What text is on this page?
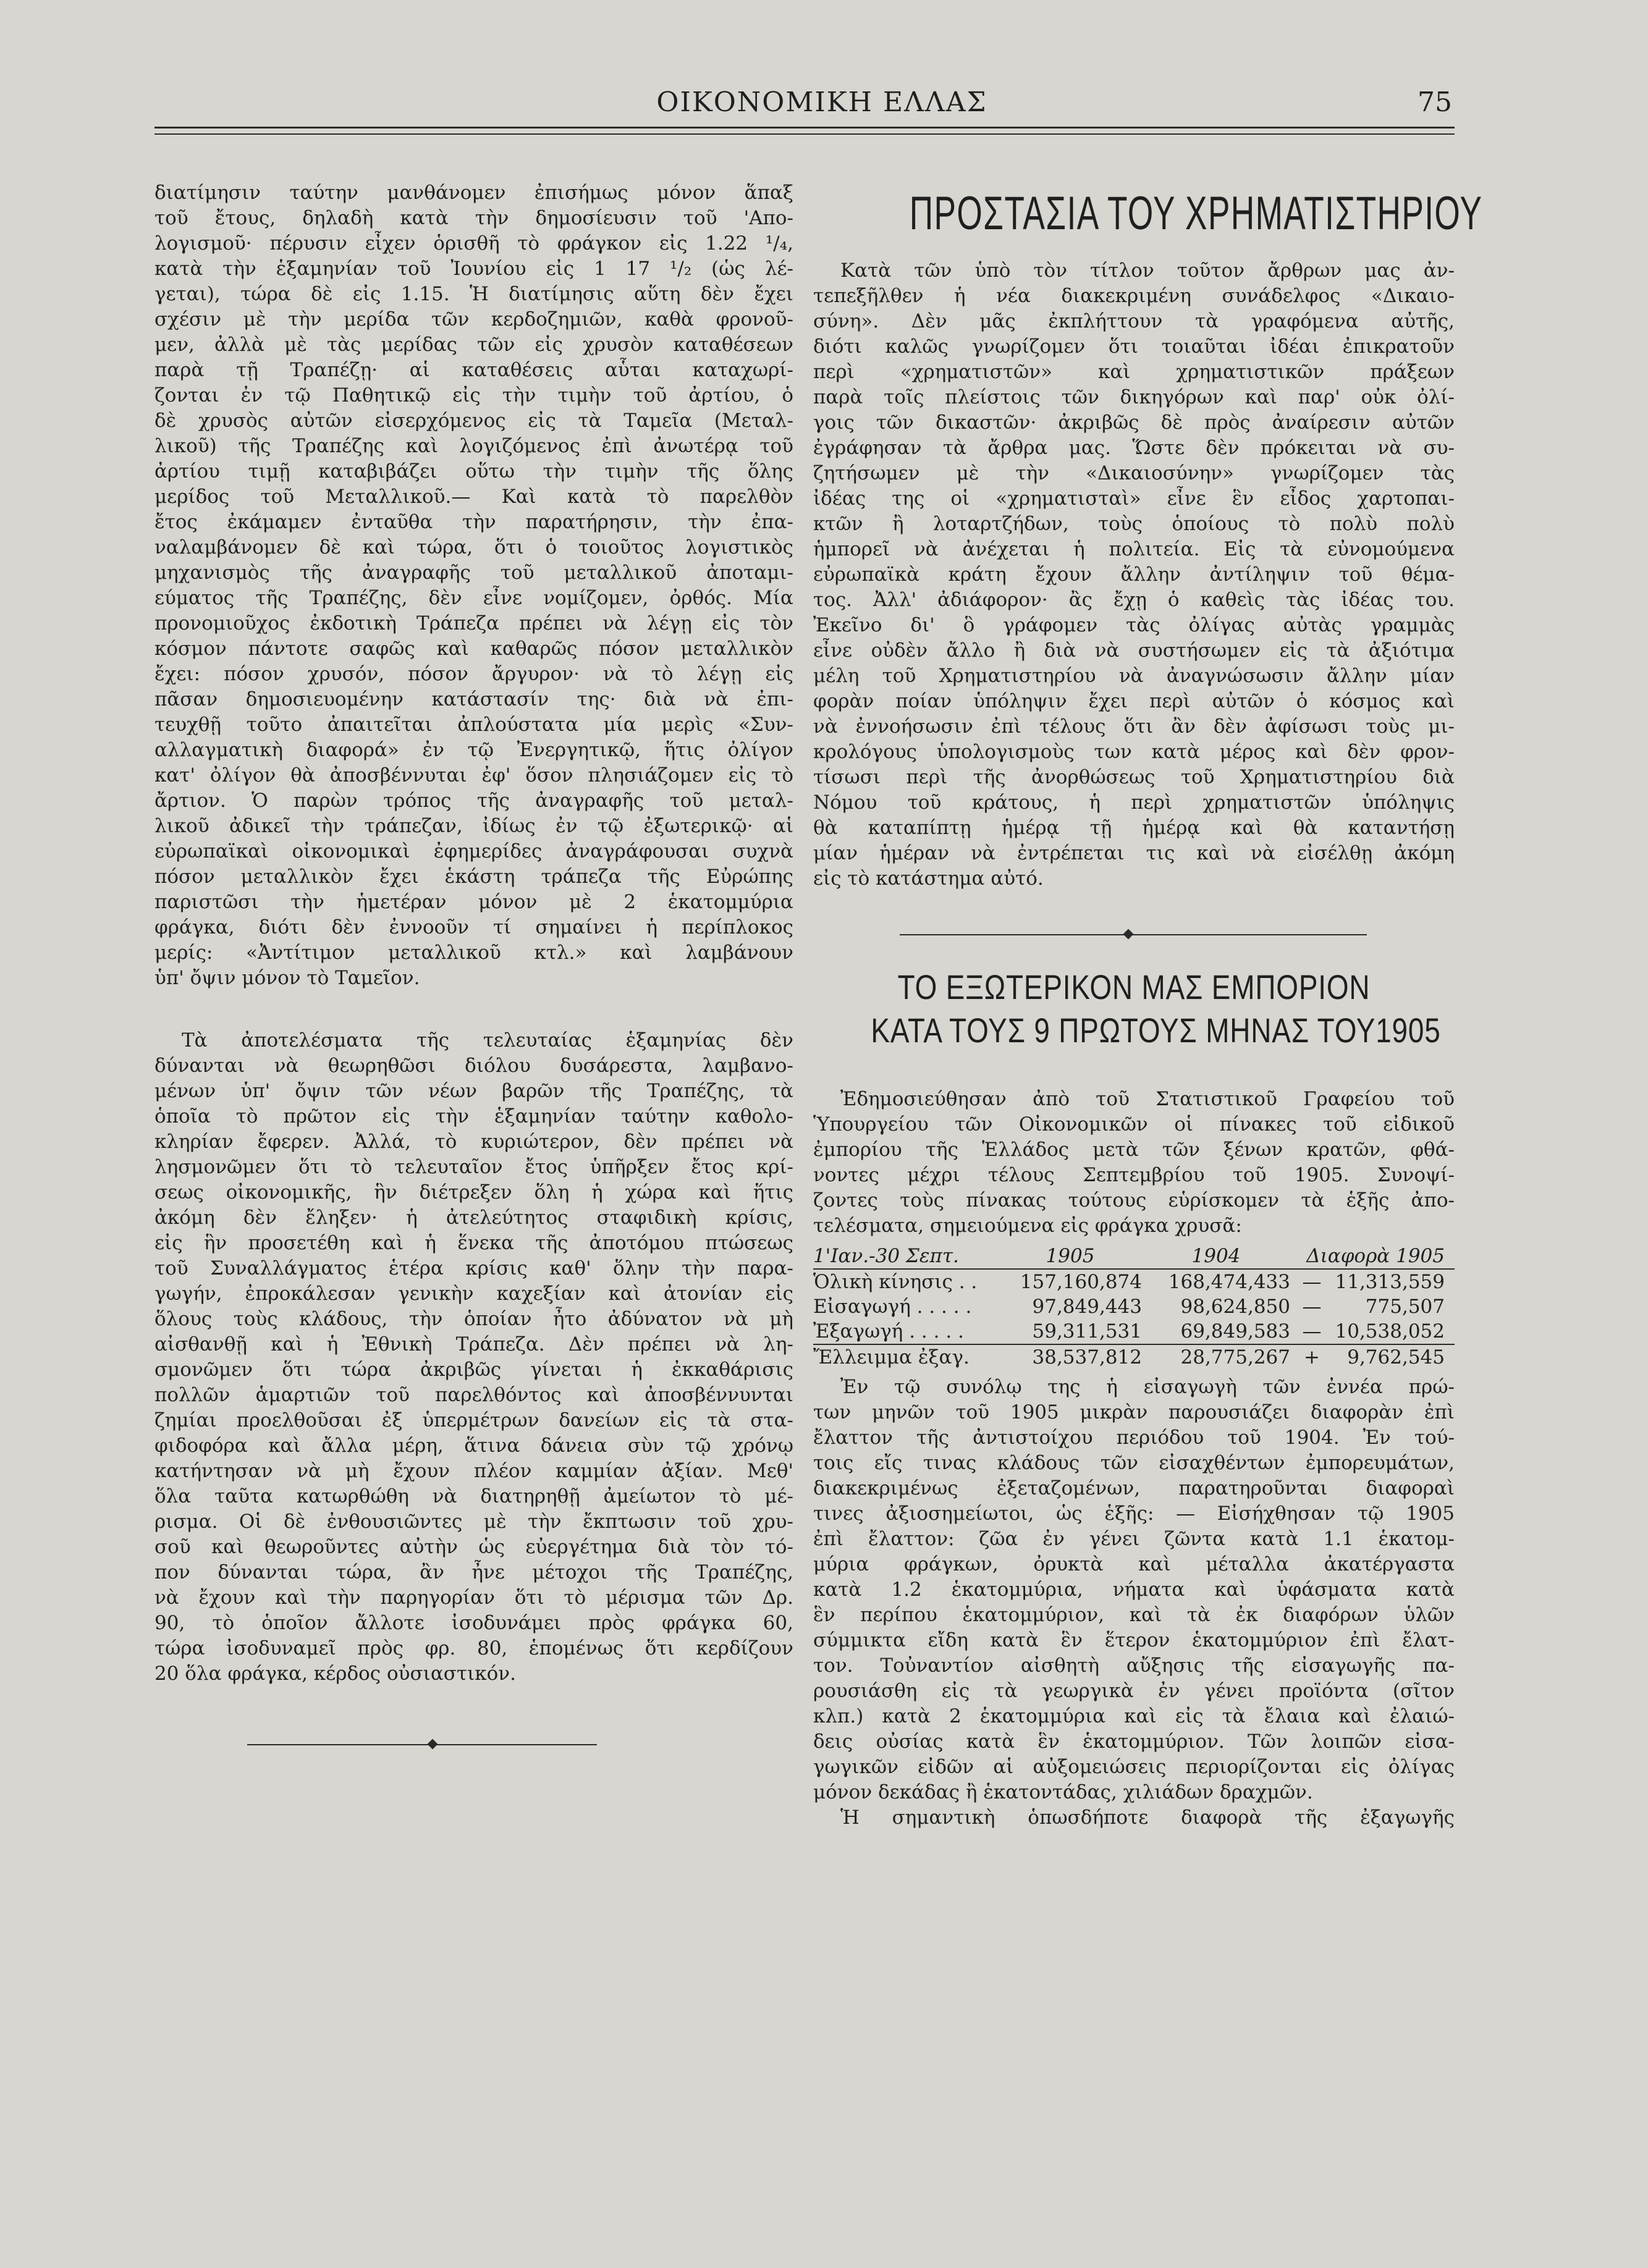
ΟΙΚΟΝΟΜΙΚΗ ΕΛΛΑΣ	75
διατίμησιν ταύτην μανθάνομεν ἐπισήμως μόνον ἅπαξ
τοῦ ἔτους, δηλαδὴ κατὰ τὴν δημοσίευσιν τοῦ 'Απο-
λογισμοῦ· πέρυσιν εἶχεν ὁρισθῆ τὸ φράγκον εἰς 1.22 ¹/₄,
κατὰ τὴν ἑξαμηνίαν τοῦ Ἰουνίου εἰς 1 17 ¹/₂ (ὡς λέ-
γεται), τώρα δὲ εἰς 1.15. Ἡ διατίμησις αὕτη δὲν ἔχει
σχέσιν μὲ τὴν μερίδα τῶν κερδοζημιῶν, καθὰ φρονοῦ-
μεν, ἀλλὰ μὲ τὰς μερίδας τῶν εἰς χρυσὸν καταθέσεων
παρὰ τῇ Τραπέζῃ· αἱ καταθέσεις αὗται καταχωρί-
ζονται ἐν τῷ Παθητικῷ εἰς τὴν τιμὴν τοῦ ἀρτίου, ὁ
δὲ χρυσὸς αὐτῶν εἰσερχόμενος εἰς τὰ Ταμεῖα (Μεταλ-
λικοῦ) τῆς Τραπέζης καὶ λογιζόμενος ἐπὶ ἀνωτέρᾳ τοῦ
ἀρτίου τιμῇ καταβιβάζει οὕτω τὴν τιμὴν τῆς ὅλης
μερίδος τοῦ Μεταλλικοῦ.— Καὶ κατὰ τὸ παρελθὸν
ἔτος ἐκάμαμεν ἐνταῦθα τὴν παρατήρησιν, τὴν ἐπα-
ναλαμβάνομεν δὲ καὶ τώρα, ὅτι ὁ τοιοῦτος λογιστικὸς
μηχανισμὸς τῆς ἀναγραφῆς τοῦ μεταλλικοῦ ἀποταμι-
εύματος τῆς Τραπέζης, δὲν εἶνε νομίζομεν, ὀρθός. Μία
προνομιοῦχος ἐκδοτικὴ Τράπεζα πρέπει νὰ λέγῃ εἰς τὸν
κόσμον πάντοτε σαφῶς καὶ καθαρῶς πόσον μεταλλικὸν
ἔχει: πόσον χρυσόν, πόσον ἄργυρον· νὰ τὸ λέγῃ εἰς
πᾶσαν δημοσιευομένην κατάστασίν της· διὰ νὰ ἐπι-
τευχθῇ τοῦτο ἀπαιτεῖται ἀπλούστατα μία μερὶς «Συν-
αλλαγματικὴ διαφορά» ἐν τῷ Ἐνεργητικῷ, ἥτις ὀλίγον
κατ' ὀλίγον θὰ ἀποσβέννυται ἐφ' ὅσον πλησιάζομεν εἰς τὸ
ἄρτιον. Ὁ παρὼν τρόπος τῆς ἀναγραφῆς τοῦ μεταλ-
λικοῦ ἀδικεῖ τὴν τράπεζαν, ἰδίως ἐν τῷ ἐξωτερικῷ· αἱ
εὐρωπαϊκαὶ οἰκονομικαὶ ἐφημερίδες ἀναγράφουσαι συχνὰ
πόσον μεταλλικὸν ἔχει ἑκάστη τράπεζα τῆς Εὐρώπης
παριστῶσι τὴν ἡμετέραν μόνον μὲ 2 ἑκατομμύρια
φράγκα, διότι δὲν ἐννοοῦν τί σημαίνει ἡ περίπλοκος
μερίς: «Ἀντίτιμον μεταλλικοῦ κτλ.» καὶ λαμβάνουν
ὑπ' ὄψιν μόνον τὸ Ταμεῖον.
Τὰ ἀποτελέσματα τῆς τελευταίας ἑξαμηνίας δὲν
δύνανται νὰ θεωρηθῶσι διόλου δυσάρεστα, λαμβανο-
μένων ὑπ' ὄψιν τῶν νέων βαρῶν τῆς Τραπέζης, τὰ
ὁποῖα τὸ πρῶτον εἰς τὴν ἑξαμηνίαν ταύτην καθολο-
κληρίαν ἔφερεν. Ἀλλά, τὸ κυριώτερον, δὲν πρέπει νὰ
λησμονῶμεν ὅτι τὸ τελευταῖον ἔτος ὑπῆρξεν ἔτος κρί-
σεως οἰκονομικῆς, ἣν διέτρεξεν ὅλη ἡ χώρα καὶ ἥτις
ἀκόμη δὲν ἔληξεν· ἡ ἀτελεύτητος σταφιδικὴ κρίσις,
εἰς ἣν προσετέθη καὶ ἡ ἕνεκα τῆς ἀποτόμου πτώσεως
τοῦ Συναλλάγματος ἑτέρα κρίσις καθ' ὅλην τὴν παρα-
γωγήν, ἐπροκάλεσαν γενικὴν καχεξίαν καὶ ἀτονίαν εἰς
ὅλους τοὺς κλάδους, τὴν ὁποίαν ἦτο ἀδύνατον νὰ μὴ
αἰσθανθῇ καὶ ἡ Ἐθνικὴ Τράπεζα. Δὲν πρέπει νὰ λη-
σμονῶμεν ὅτι τώρα ἀκριβῶς γίνεται ἡ ἐκκαθάρισις
πολλῶν ἁμαρτιῶν τοῦ παρελθόντος καὶ ἀποσβέννυνται
ζημίαι προελθοῦσαι ἐξ ὑπερμέτρων δανείων εἰς τὰ στα-
φιδοφόρα καὶ ἄλλα μέρη, ἅτινα δάνεια σὺν τῷ χρόνῳ
κατήντησαν νὰ μὴ ἔχουν πλέον καμμίαν ἀξίαν. Μεθ'
ὅλα ταῦτα κατωρθώθη νὰ διατηρηθῇ ἀμείωτον τὸ μέ-
ρισμα. Οἱ δὲ ἐνθουσιῶντες μὲ τὴν ἔκπτωσιν τοῦ χρυ-
σοῦ καὶ θεωροῦντες αὐτὴν ὡς εὐεργέτημα διὰ τὸν τό-
πον δύνανται τώρα, ἂν ἦνε μέτοχοι τῆς Τραπέζης,
νὰ ἔχουν καὶ τὴν παρηγορίαν ὅτι τὸ μέρισμα τῶν Δρ.
90, τὸ ὁποῖον ἄλλοτε ἰσοδυνάμει πρὸς φράγκα 60,
τώρα ἰσοδυναμεῖ πρὸς φρ. 80, ἑπομένως ὅτι κερδίζουν
20 ὅλα φράγκα, κέρδος οὐσιαστικόν.
ΠΡΟΣΤΑΣΙΑ ΤΟΥ ΧΡΗΜΑΤΙΣΤΗΡΙΟΥ
Κατὰ τῶν ὑπὸ τὸν τίτλον τοῦτον ἄρθρων μας ἀν-
τεπεξῆλθεν ἡ νέα διακεκριμένη συνάδελφος «Δικαιο-
σύνη». Δὲν μᾶς ἐκπλήττουν τὰ γραφόμενα αὐτῆς,
διότι καλῶς γνωρίζομεν ὅτι τοιαῦται ἰδέαι ἐπικρατοῦν
περὶ «χρηματιστῶν» καὶ χρηματιστικῶν πράξεων
παρὰ τοῖς πλείστοις τῶν δικηγόρων καὶ παρ' οὐκ ὀλί-
γοις τῶν δικαστῶν· ἀκριβῶς δὲ πρὸς ἀναίρεσιν αὐτῶν
ἐγράφησαν τὰ ἄρθρα μας. Ὥστε δὲν πρόκειται νὰ συ-
ζητήσωμεν μὲ τὴν «Δικαιοσύνην» γνωρίζομεν τὰς
ἰδέας της οἱ «χρηματισταὶ» εἶνε ἓν εἶδος χαρτοπαι-
κτῶν ἢ λοταρτζήδων, τοὺς ὁποίους τὸ πολὺ πολὺ
ἡμπορεῖ νὰ ἀνέχεται ἡ πολιτεία. Εἰς τὰ εὐνομούμενα
εὐρωπαϊκὰ κράτη ἔχουν ἄλλην ἀντίληψιν τοῦ θέμα-
τος. Ἀλλ' ἀδιάφορον· ἂς ἔχῃ ὁ καθεὶς τὰς ἰδέας του.
Ἐκεῖνο δι' ὃ γράφομεν τὰς ὀλίγας αὐτὰς γραμμὰς
εἶνε οὐδὲν ἄλλο ἢ διὰ νὰ συστήσωμεν εἰς τὰ ἀξιότιμα
μέλη τοῦ Χρηματιστηρίου νὰ ἀναγνώσωσιν ἄλλην μίαν
φορὰν ποίαν ὑπόληψιν ἔχει περὶ αὐτῶν ὁ κόσμος καὶ
νὰ ἐννοήσωσιν ἐπὶ τέλους ὅτι ἂν δὲν ἀφίσωσι τοὺς μι-
κρολόγους ὑπολογισμοὺς των κατὰ μέρος καὶ δὲν φρον-
τίσωσι περὶ τῆς ἀνορθώσεως τοῦ Χρηματιστηρίου διὰ
Νόμου τοῦ κράτους, ἡ περὶ χρηματιστῶν ὑπόληψις
θὰ καταπίπτῃ ἡμέρᾳ τῇ ἡμέρᾳ καὶ θὰ καταντήσῃ
μίαν ἡμέραν νὰ ἐντρέπεται τις καὶ νὰ εἰσέλθῃ ἀκόμη
εἰς τὸ κατάστημα αὐτό.
ΤΟ ΕΞΩΤΕΡΙΚΟΝ ΜΑΣ ΕΜΠΟΡΙΟΝ
ΚΑΤΑ ΤΟΥΣ 9 ΠΡΩΤΟΥΣ ΜΗΝΑΣ ΤΟΥ1905
Ἐδημοσιεύθησαν ἀπὸ τοῦ Στατιστικοῦ Γραφείου τοῦ
Ὑπουργείου τῶν Οἰκονομικῶν οἱ πίνακες τοῦ εἰδικοῦ
ἐμπορίου τῆς Ἑλλάδος μετὰ τῶν ξένων κρατῶν, φθά-
νοντες μέχρι τέλους Σεπτεμβρίου τοῦ 1905. Συνοψί-
ζοντες τοὺς πίνακας τούτους εὑρίσκομεν τὰ ἑξῆς ἀπο-
τελέσματα, σημειούμενα εἰς φράγκα χρυσᾶ:
1'Ιαν.-30 Σεπτ.	1905	1904	Διαφορὰ 1905
Ὁλικὴ κίνησις . .	157,160,874	168,474,433 — 11,313,559
Εἰσαγωγή . . . . .	97,849,443	98,624,850 —	775,507
Ἐξαγωγή . . . . .	59,311,531	69,849,583 — 10,538,052
Ἔλλειμμα ἐξαγ.	38,537,812	28,775,267 +	9,762,545
Ἐν τῷ συνόλῳ της ἡ εἰσαγωγὴ τῶν ἐννέα πρώ-
των μηνῶν τοῦ 1905 μικρὰν παρουσιάζει διαφορὰν ἐπὶ
ἔλαττον τῆς ἀντιστοίχου περιόδου τοῦ 1904. Ἐν τού-
τοις εἴς τινας κλάδους τῶν εἰσαχθέντων ἐμπορευμάτων,
διακεκριμένως ἐξεταζομένων, παρατηροῦνται διαφοραὶ
τινες ἀξιοσημείωτοι, ὡς ἑξῆς: — Εἰσήχθησαν τῷ 1905
ἐπὶ ἔλαττον: ζῶα ἐν γένει ζῶντα κατὰ 1.1 ἑκατομ-
μύρια φράγκων, ὀρυκτὰ καὶ μέταλλα ἀκατέργαστα
κατὰ 1.2 ἑκατομμύρια, νήματα καὶ ὑφάσματα κατὰ
ἓν περίπου ἑκατομμύριον, καὶ τὰ ἐκ διαφόρων ὑλῶν
σύμμικτα εἴδη κατὰ ἓν ἕτερον ἑκατομμύριον ἐπὶ ἔλατ-
τον. Τοὐναντίον αἰσθητὴ αὔξησις τῆς εἰσαγωγῆς πα-
ρουσιάσθη εἰς τὰ γεωργικὰ ἐν γένει προϊόντα (σῖτον
κλπ.) κατὰ 2 ἑκατομμύρια καὶ εἰς τὰ ἔλαια καὶ ἐλαιώ-
δεις οὐσίας κατὰ ἓν ἑκατομμύριον. Τῶν λοιπῶν εἰσα-
γωγικῶν εἰδῶν αἱ αὐξομειώσεις περιορίζονται εἰς ὀλίγας
μόνον δεκάδας ἢ ἑκατοντάδας, χιλιάδων δραχμῶν.
Ἡ σημαντικὴ ὁπωσδήποτε διαφορὰ τῆς ἐξαγωγῆς
